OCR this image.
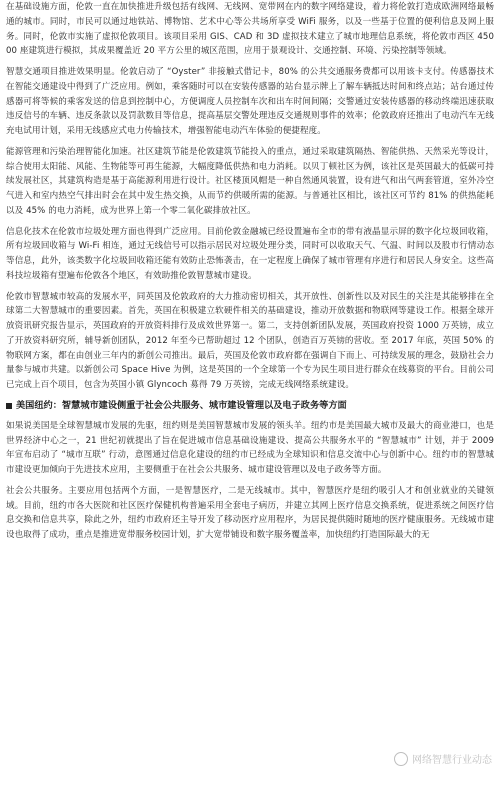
在基础设施方面，伦敦一直在加快推进升级包括有线网、无线网、宽带网在内的数字网络建设，着力将伦敦打造成欧洲网络最畅通的城市。同时，市民可以通过地铁站、博物馆、艺术中心等公共场所享受 WiFi 服务，以及一些基于位置的便利信息及网上服务。同时，伦敦市实施了虚拟伦敦项目。该项目采用 GIS、CAD 和 3D 虚拟技术建立了城市地理信息系统，将伦敦市西区 45000 座建筑进行模拟，其成果覆盖近 20 平方公里的城区范围，应用于景观设计、交通控制、环境、污染控制等领域。

智慧交通项目推进效果明显。伦敦启动了 “Oyster” 非接触式借记卡，80% 的公共交通服务费都可以用该卡支付。传感器技术在智能交通建设中得到了广泛应用。例如，乘客随时可以在安装传感器的站台显示牌上了解车辆抵达时间和终点站；站台通过传感器可将等候的乘客发送的信息到控制中心，方便调度人员控制车次和出车时间间隔；交警通过安装传感器的移动终端迅速获取违反信号的车辆、违反条款以及罚款数目等信息，提高基层交警处理违反交通规则事件的效率；伦敦政府还推出了电动汽车无线充电试用计划，采用无线感应式电力传输技术，增强智能电动汽车体验的便捷程度。

能源管理和污染治理智能化加速。社区建筑节能是伦敦建筑节能投入的重点，通过采取建筑隔热、智能供热、天然采光等设计，综合使用太阳能、风能、生物能等可再生能源，大幅度降低供热和电力消耗。以贝丁顿社区为例，该社区是英国最大的低碳可持续发展社区，其建筑构造是基于高能源利用进行设计。社区楼顶风帽是一种自然通风装置，设有进气和出气两套管道，室外冷空气进入和室内热空气排出时会在其中发生热交换，从而节约供暖所需的能源。与普通社区相比，该社区可节约 81% 的供热能耗以及 45% 的电力消耗，成为世界上第一个零二氧化碳排放社区。

信息化技术在伦敦市垃圾处理方面也得到广泛应用。目前伦敦金融城已经设置遍布全市的带有液晶显示屏的数字化垃圾回收箱，所有垃圾回收箱与 Wi-Fi 相连，通过无线信号可以指示居民对垃圾处理分类，同时可以收取天气、气温、时间以及股市行情动态等信息，此外，该类数字化垃圾回收箱还能有效防止恐怖袭击，在一定程度上确保了城市管理有序进行和居民人身安全。这些高科技垃圾箱有望遍布伦敦各个地区，有效助推伦敦智慧城市建设。

伦敦市智慧城市较高的发展水平，同英国及伦敦政府的大力推动密切相关，其开放性、创新性以及对民生的关注是其能够排在全球第二大智慧城市的重要因素。首先，英国在积极建立软硬件相关的基础建设，推动开放数据和物联网等建设工作。根据全球开放资讯研究报告显示，英国政府的开放资料排行及成效世界第一。第二，支持创新团队发展，英国政府投资 1000 万英镑，成立了开放资料研究所，辅导新创团队，2012 年至今已帮助超过 12 个团队，创造百万英镑的营收。至 2017 年底，英国 50% 的物联网方案，都在由创业三年内的新创公司推出。最后，英国及伦敦市政府都在强调自下而上、可持续发展的理念，鼓励社会力量参与城市共建。以新创公司 Space Hive 为例，这是英国的一个全球第一个专为民生项目进行群众在线募资的平台。目前公司已完成上百个项目，包含为英国小镇 Glyncoch 募得 79 万英镑，完成无线网络系统建设。

美国纽约：智慧城市建设侧重于社会公共服务、城市建设管理以及电子政务等方面

如果说美国是全球智慧城市发展的先驱，纽约则是美国智慧城市发展的领头羊。纽约市是美国最大城市及最大的商业港口，也是世界经济中心之一，21 世纪初就提出了旨在促进城市信息基础设施建设、提高公共服务水平的 “智慧城市” 计划，并于 2009 年宣布启动了 “城市互联” 行动，意图通过信息化建设的纽约市已经成为全球知识和信息交流中心与创新中心。纽约市的智慧城市建设更加倾向于先进技术应用，主要侧重于在社会公共服务、城市建设管理以及电子政务等方面。

社会公共服务。主要应用包括两个方面，一是智慧医疗，二是无线城市。其中，智慧医疗是纽约吸引人才和创业就业的关键领域。目前，纽约市各大医院和社区医疗保健机构普遍采用全套电子病历，并建立其网上医疗信息交换系统，促进系统之间医疗信息交换和信息共享，除此之外，纽约市政府还主导开发了移动医疗应用程序，为居民提供随时随地的医疗健康服务。无线城市建设也取得了成功，重点是推进宽带服务校园计划，扩大宽带铺设和数字服务覆盖率，加快纽约打造国际最大的无

网络智慧行业动态
